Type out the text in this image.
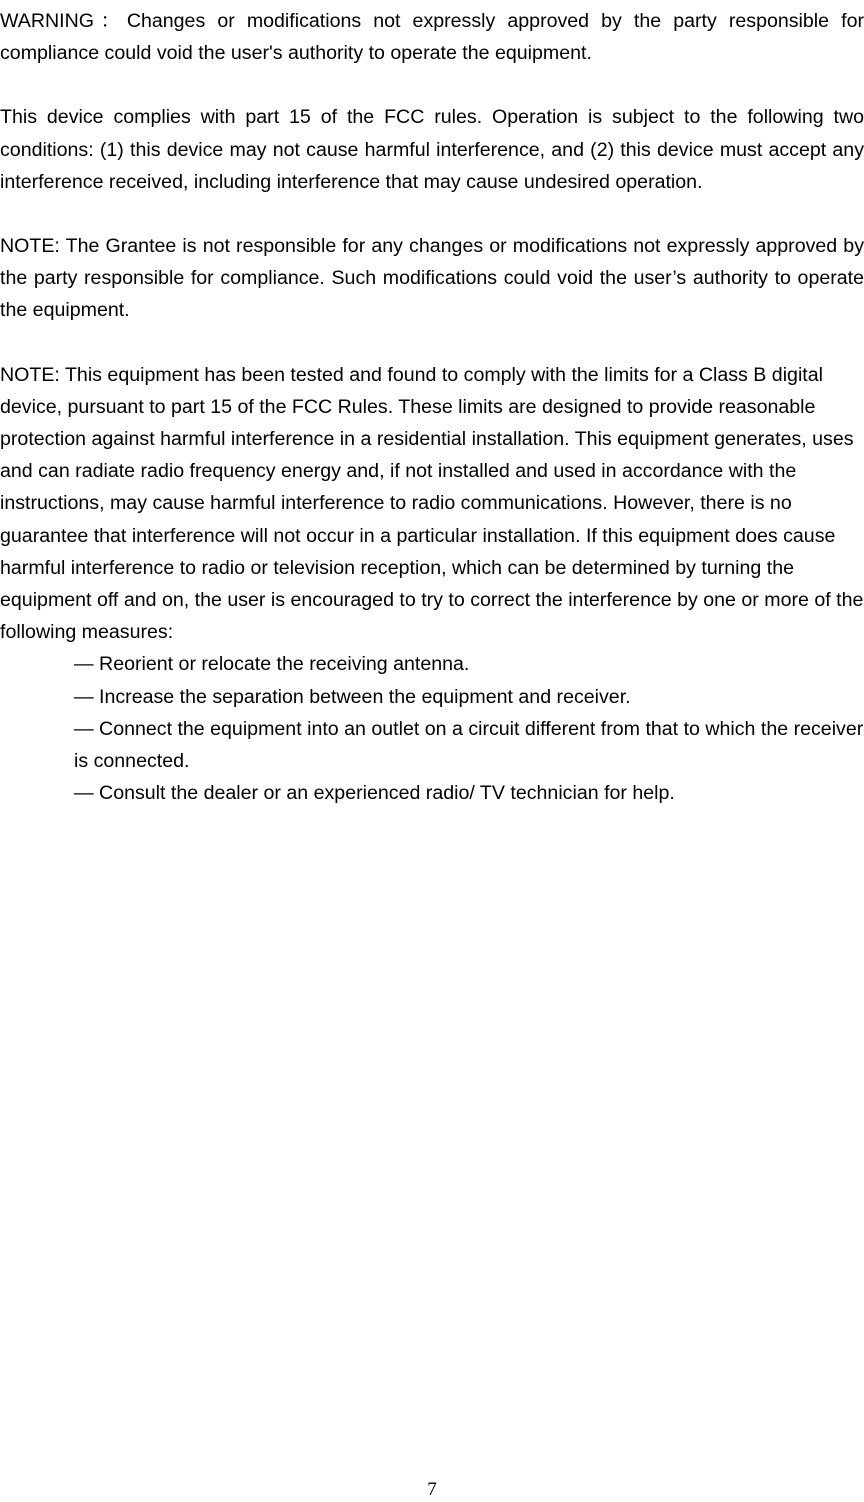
WARNING：Changes or modifications not expressly approved by the party responsible for compliance could void the user's authority to operate the equipment.

This device complies with part 15 of the FCC rules. Operation is subject to the following two conditions: (1) this device may not cause harmful interference, and (2) this device must accept any interference received, including interference that may cause undesired operation.

NOTE: The Grantee is not responsible for any changes or modifications not expressly approved by the party responsible for compliance. Such modifications could void the user’s authority to operate the equipment.

NOTE: This equipment has been tested and found to comply with the limits for a Class B digital device, pursuant to part 15 of the FCC Rules. These limits are designed to provide reasonable protection against harmful interference in a residential installation. This equipment generates, uses and can radiate radio frequency energy and, if not installed and used in accordance with the instructions, may cause harmful interference to radio communications. However, there is no guarantee that interference will not occur in a particular installation. If this equipment does cause harmful interference to radio or television reception, which can be determined by turning the equipment off and on, the user is encouraged to try to correct the interference by one or more of the following measures:

— Reorient or relocate the receiving antenna.
— Increase the separation between the equipment and receiver.
— Connect the equipment into an outlet on a circuit different from that to which the receiver is connected.
— Consult the dealer or an experienced radio/ TV technician for help.
7
